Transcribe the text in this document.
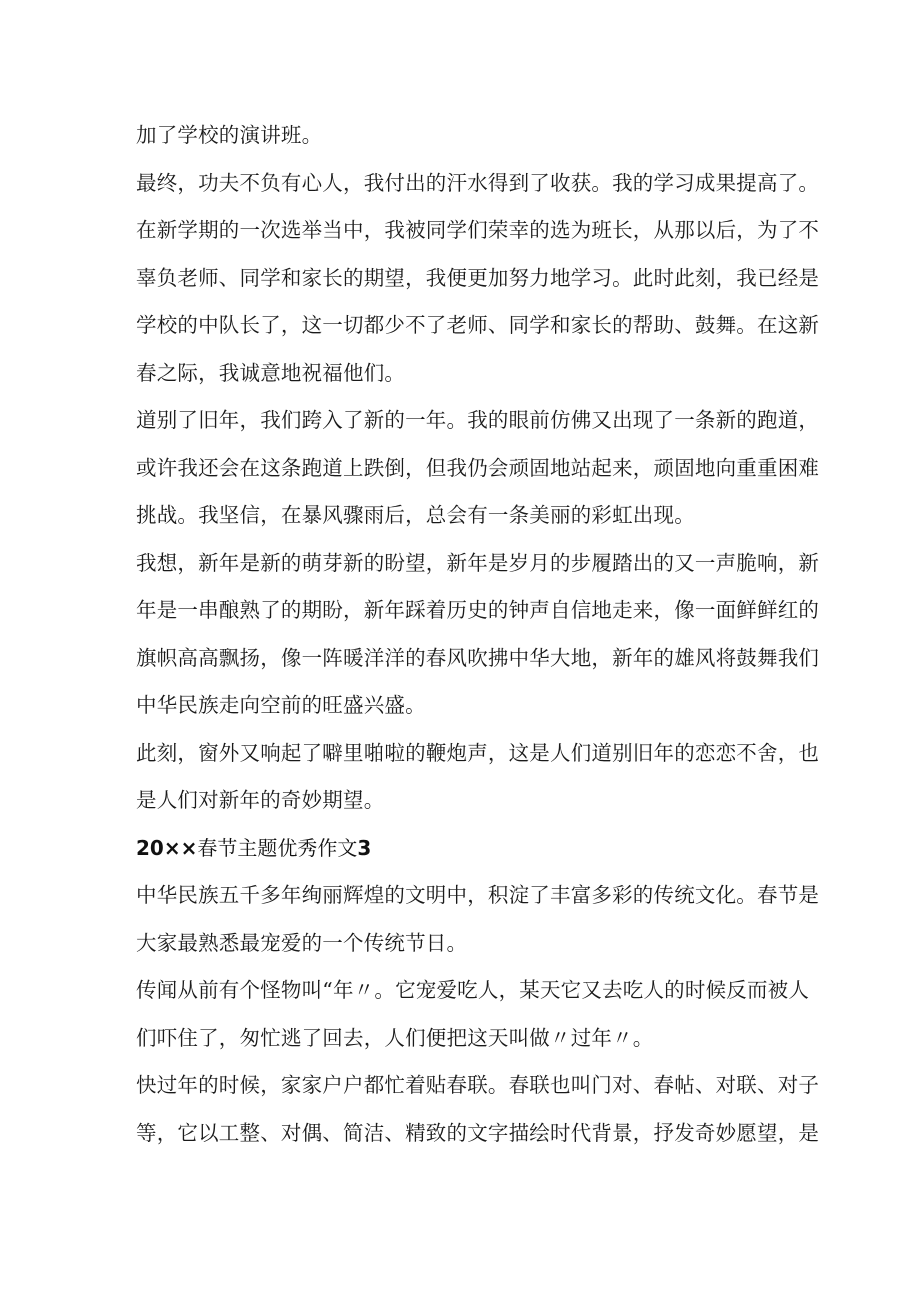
加了学校的演讲班。
最终，功夫不负有心人，我付出的汗水得到了收获。我的学习成果提高了。
在新学期的一次选举当中，我被同学们荣幸的选为班长，从那以后，为了不
辜负老师、同学和家长的期望，我便更加努力地学习。此时此刻，我已经是
学校的中队长了，这一切都少不了老师、同学和家长的帮助、鼓舞。在这新
春之际，我诚意地祝福他们。
道别了旧年，我们跨入了新的一年。我的眼前仿佛又出现了一条新的跑道，
或许我还会在这条跑道上跌倒，但我仍会顽固地站起来，顽固地向重重困难
挑战。我坚信，在暴风骤雨后，总会有一条美丽的彩虹出现。
我想，新年是新的萌芽新的盼望，新年是岁月的步履踏出的又一声脆响，新
年是一串酿熟了的期盼，新年踩着历史的钟声自信地走来，像一面鲜鲜红的
旗帜高高飘扬，像一阵暖洋洋的春风吹拂中华大地，新年的雄风将鼓舞我们
中华民族走向空前的旺盛兴盛。
此刻，窗外又响起了噼里啪啦的鞭炮声，这是人们道别旧年的恋恋不舍，也
是人们对新年的奇妙期望。
20××春节主题优秀作文3
中华民族五千多年绚丽辉煌的文明中，积淀了丰富多彩的传统文化。春节是
大家最熟悉最宠爱的一个传统节日。
传闻从前有个怪物叫“年〃。它宠爱吃人，某天它又去吃人的时候反而被人
们吓住了，匆忙逃了回去，人们便把这天叫做〃过年〃。
快过年的时候，家家户户都忙着贴春联。春联也叫门对、春帖、对联、对子
等，它以工整、对偶、简洁、精致的文字描绘时代背景，抒发奇妙愿望，是
